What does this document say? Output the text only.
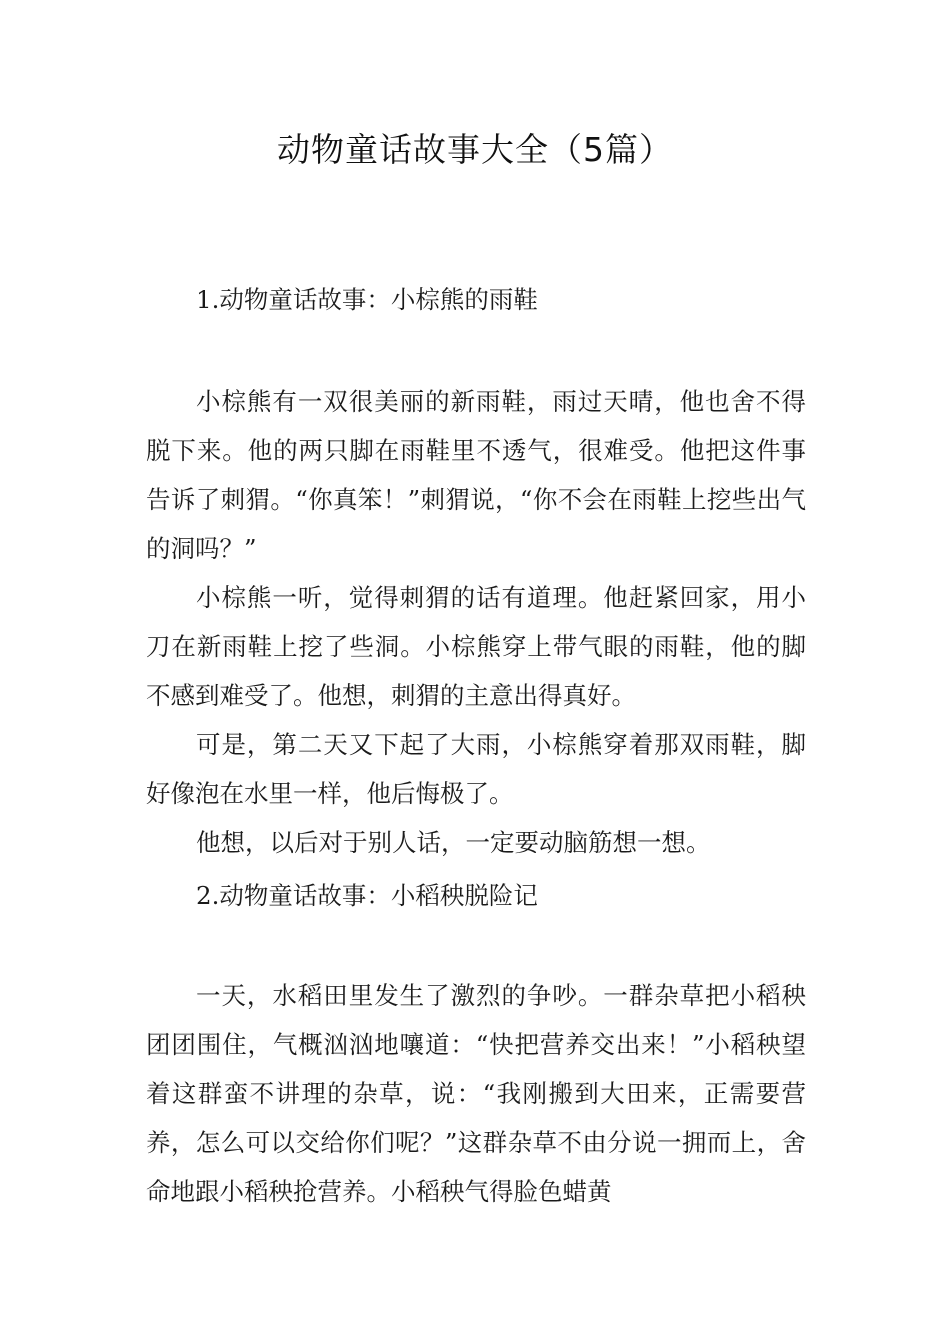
动物童话故事大全（5篇）
1.动物童话故事：小棕熊的雨鞋

小棕熊有一双很美丽的新雨鞋，雨过天晴，他也舍不得脱下来。他的两只脚在雨鞋里不透气，很难受。他把这件事告诉了刺猬。“你真笨！”刺猬说，“你不会在雨鞋上挖些出气的洞吗？”

小棕熊一听，觉得刺猬的话有道理。他赶紧回家，用小刀在新雨鞋上挖了些洞。小棕熊穿上带气眼的雨鞋，他的脚不感到难受了。他想，刺猬的主意出得真好。

可是，第二天又下起了大雨，小棕熊穿着那双雨鞋，脚好像泡在水里一样，他后悔极了。

他想，以后对于别人话，一定要动脑筋想一想。

2.动物童话故事：小稻秧脱险记

一天，水稻田里发生了激烈的争吵。一群杂草把小稻秧团团围住，气概汹汹地嚷道：“快把营养交出来！”小稻秧望着这群蛮不讲理的杂草，说：“我刚搬到大田来，正需要营养，怎么可以交给你们呢？”这群杂草不由分说一拥而上，舍命地跟小稻秧抢营养。小稻秧气得脸色蜡黄
